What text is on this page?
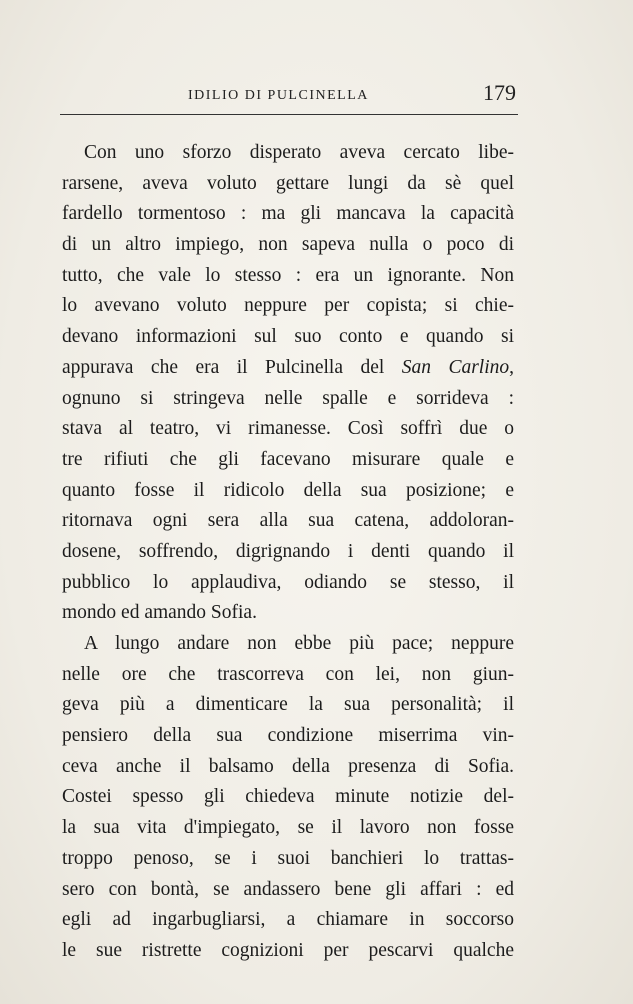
IDILIO DI PULCINELLA	179
Con uno sforzo disperato aveva cercato libe-
rarsene, aveva voluto gettare lungi da sè quel
fardello tormentoso : ma gli mancava la capacità
di un altro impiego, non sapeva nulla o poco di
tutto, che vale lo stesso : era un ignorante. Non
lo avevano voluto neppure per copista; si chie-
devano informazioni sul suo conto e quando si
appurava che era il Pulcinella del San Carlino,
ognuno si stringeva nelle spalle e sorrideva :
stava al teatro, vi rimanesse. Così soffrì due o
tre rifiuti che gli facevano misurare quale e
quanto fosse il ridicolo della sua posizione; e
ritornava ogni sera alla sua catena, addoloran-
dosene, soffrendo, digrignando i denti quando il
pubblico lo applaudiva, odiando se stesso, il
mondo ed amando Sofia.
A lungo andare non ebbe più pace; neppure
nelle ore che trascorreva con lei, non giun-
geva più a dimenticare la sua personalità; il
pensiero della sua condizione miserrima vin-
ceva anche il balsamo della presenza di Sofia.
Costei spesso gli chiedeva minute notizie del-
la sua vita d'impiegato, se il lavoro non fosse
troppo penoso, se i suoi banchieri lo trattas-
sero con bontà, se andassero bene gli affari : ed
egli ad ingarbugliarsi, a chiamare in soccorso
le sue ristrette cognizioni per pescarvi qualche
